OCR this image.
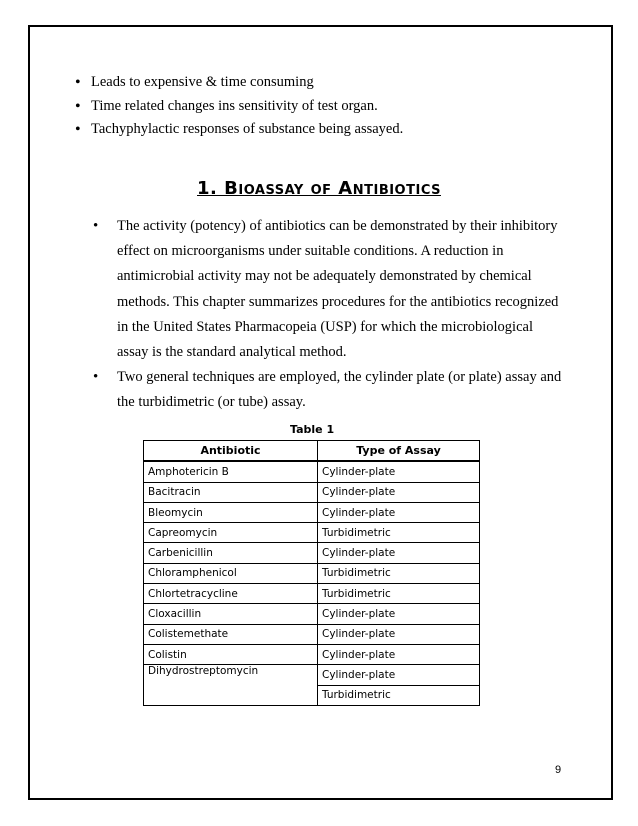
• Leads to expensive & time consuming
• Time related changes ins sensitivity of test organ.
• Tachyphylactic responses of substance being assayed.
1. Bioassay of Antibiotics
• The activity (potency) of antibiotics can be demonstrated by their inhibitory effect on microorganisms under suitable conditions. A reduction in antimicrobial activity may not be adequately demonstrated by chemical methods. This chapter summarizes procedures for the antibiotics recognized in the United States Pharmacopeia (USP) for which the microbiological assay is the standard analytical method.
• Two general techniques are employed, the cylinder plate (or plate) assay and the turbidimetric (or tube) assay.
Table 1
Antibiotic	Type of Assay
Amphotericin B	Cylinder-plate
Bacitracin	Cylinder-plate
Bleomycin	Cylinder-plate
Capreomycin	Turbidimetric
Carbenicillin	Cylinder-plate
Chloramphenicol	Turbidimetric
Chlortetracycline	Turbidimetric
Cloxacillin	Cylinder-plate
Colistemethate	Cylinder-plate
Colistin	Cylinder-plate
Dihydrostreptomycin	Cylinder-plate
	Turbidimetric
9
